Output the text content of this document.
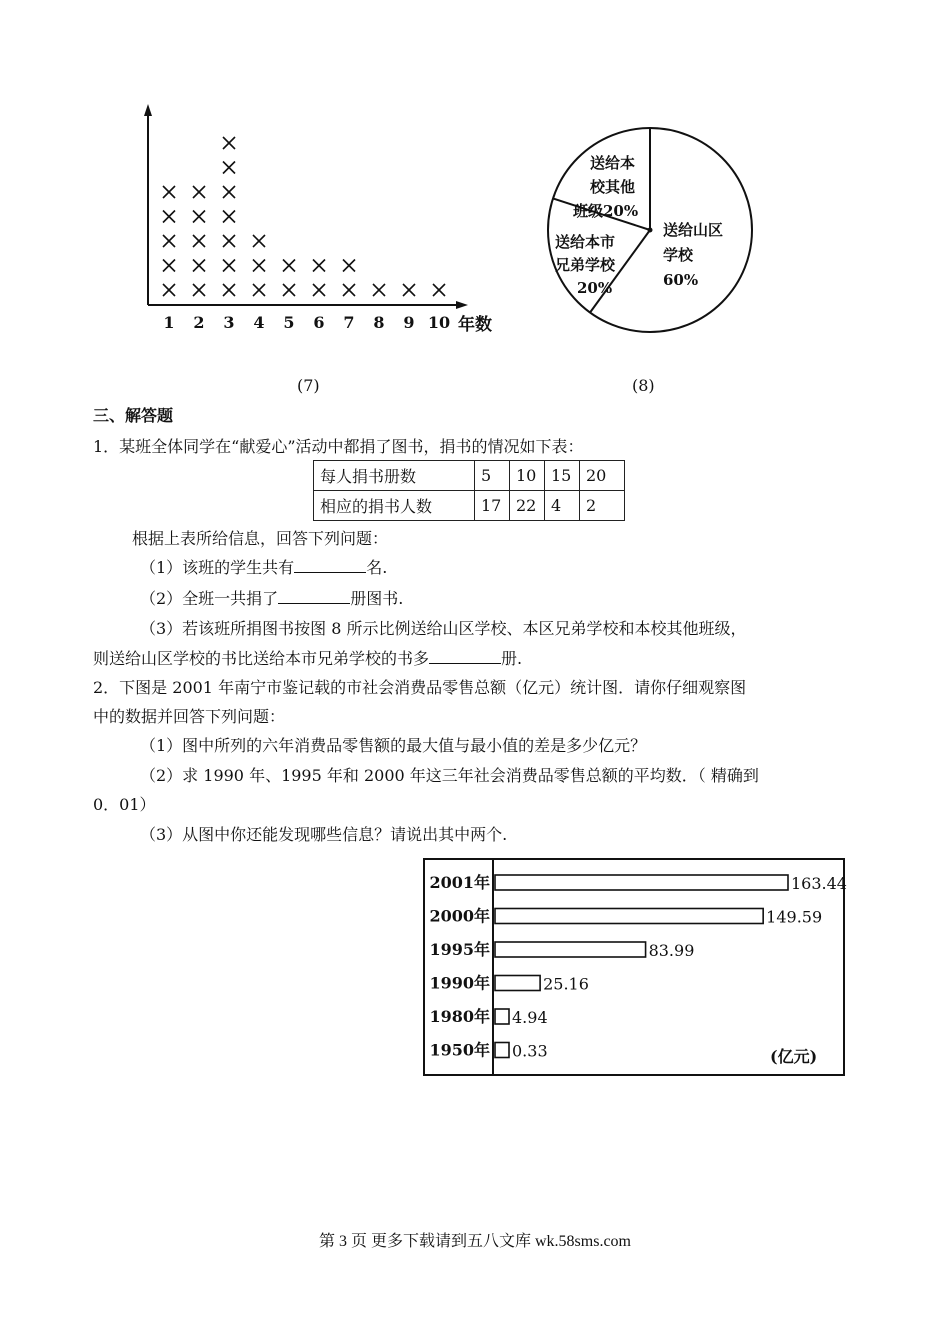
1 2 3 4 5 6 7 8 9 10 年数
(7)
送给山区
学校
60%
送给本市
兄弟学校
20%
送给本
校其他
班级20%
(8)
三、解答题
1．某班全体同学在“献爱心”活动中都捐了图书，捐书的情况如下表：
每人捐书册数	5	10	15	20
相应的捐书人数	17	22	4	2
根据上表所给信息，回答下列问题：
（1）该班的学生共有	名.
（2）全班一共捐了	册图书.
（3）若该班所捐图书按图 8 所示比例送给山区学校、本区兄弟学校和本校其他班级，
则送给山区学校的书比送给本市兄弟学校的书多	册.
2．下图是 2001 年南宁市鉴记载的市社会消费品零售总额（亿元）统计图．请你仔细观察图
中的数据并回答下列问题：
（1）图中所列的六年消费品零售额的最大值与最小值的差是多少亿元？
（2）求 1990 年、1995 年和 2000 年这三年社会消费品零售总额的平均数．（ 精确到
0．01）
（3）从图中你还能发现哪些信息？请说出其中两个.
2001年	163.44
2000年	149.59
1995年	83.99
1990年	25.16
1980年 4.94
1950年 0.33	(亿元)
第 3 页 更多下载请到五八文库 wk.58sms.com
